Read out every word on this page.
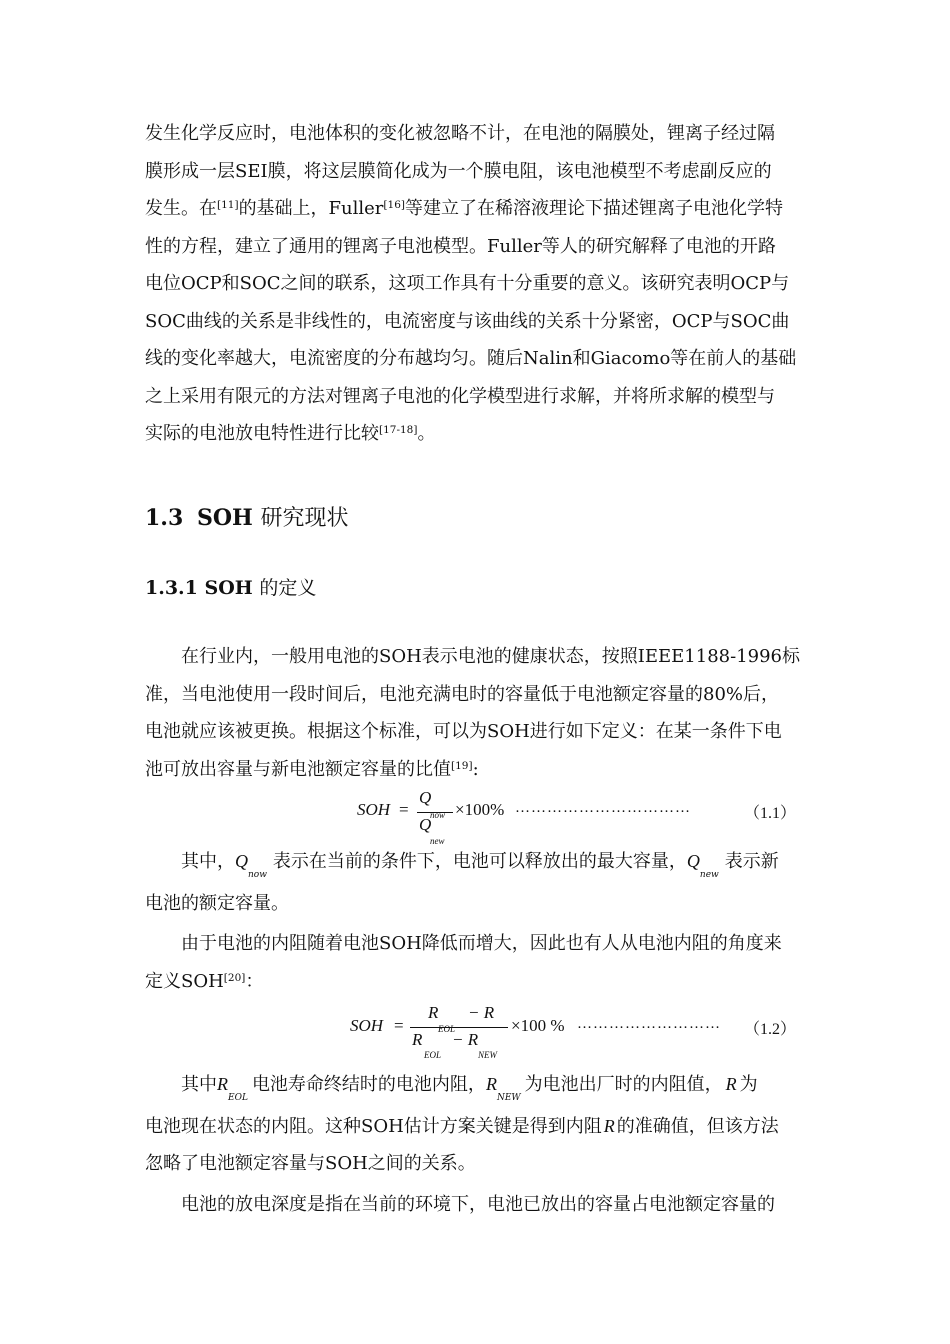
发生化学反应时，电池体积的变化被忽略不计，在电池的隔膜处，锂离子经过隔
膜形成一层SEI膜，将这层膜简化成为一个膜电阻，该电池模型不考虑副反应的
发生。在[11]的基础上，Fuller[16]等建立了在稀溶液理论下描述锂离子电池化学特
性的方程，建立了通用的锂离子电池模型。Fuller等人的研究解释了电池的开路
电位OCP和SOC之间的联系，这项工作具有十分重要的意义。该研究表明OCP与
SOC曲线的关系是非线性的，电流密度与该曲线的关系十分紧密，OCP与SOC曲
线的变化率越大，电流密度的分布越均匀。随后Nalin和Giacomo等在前人的基础
之上采用有限元的方法对锂离子电池的化学模型进行求解，并将所求解的模型与
实际的电池放电特性进行比较[17-18]。
1.3 SOH 研究现状
1.3.1 SOH 的定义
在行业内，一般用电池的SOH表示电池的健康状态，按照IEEE1188-1996标
准，当电池使用一段时间后，电池充满电时的容量低于电池额定容量的80%后，
电池就应该被更换。根据这个标准，可以为SOH进行如下定义：在某一条件下电
池可放出容量与新电池额定容量的比值[19]:
SOH =
Q
now
Q
new
×100% ……………………………	（1.1）
其中，$Q_{now}$表示在当前的条件下，电池可以释放出的最大容量，$Q_{new}$表示新
电池的额定容量。
由于电池的内阻随着电池SOH降低而增大，因此也有人从电池内阻的角度来
定义SOH[20]：
SOH =
R
EOL
− R
R
EOL
− R
NEW
×100 % ……………………… （1.2）
其中$R_{EOL}$电池寿命终结时的电池内阻，$R_{NEW}$为电池出厂时的内阻值， R 为
电池现在状态的内阻。这种SOH估计方案关键是得到内阻 R 的准确值，但该方法
忽略了电池额定容量与SOH之间的关系。
电池的放电深度是指在当前的环境下，电池已放出的容量占电池额定容量的
